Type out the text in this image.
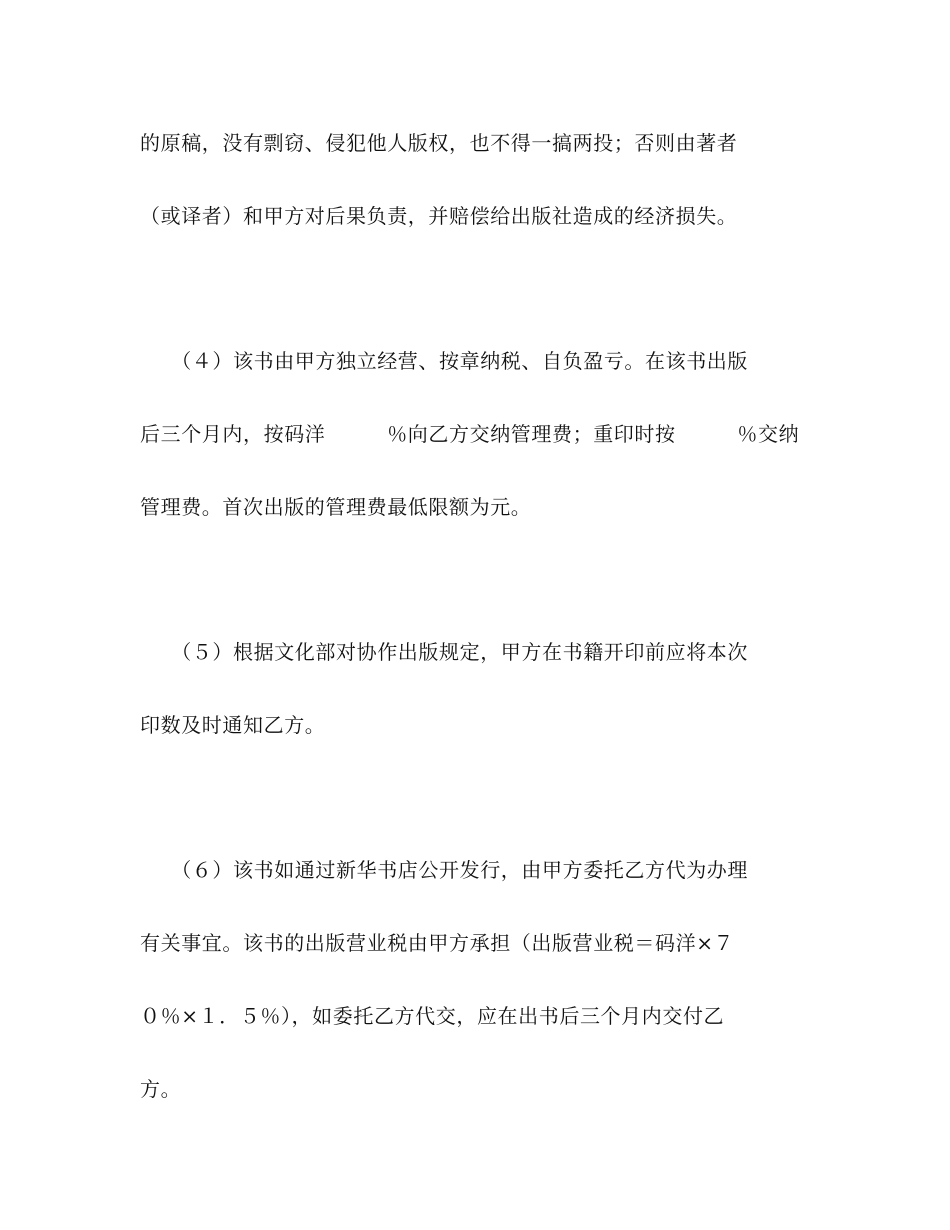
的原稿，没有剽窃、侵犯他人版权，也不得一搞两投；否则由著者
（或译者）和甲方对后果负责，并赔偿给出版社造成的经济损失。
　　（４）该书由甲方独立经营、按章纳税、自负盈亏。在该书出版
后三个月内，按码洋　　　％向乙方交纳管理费；重印时按　　　％交纳
管理费。首次出版的管理费最低限额为元。
　　（５）根据文化部对协作出版规定，甲方在书籍开印前应将本次
印数及时通知乙方。
　　（６）该书如通过新华书店公开发行，由甲方委托乙方代为办理
有关事宜。该书的出版营业税由甲方承担（出版营业税＝码洋×７
０％×１．５％），如委托乙方代交，应在出书后三个月内交付乙
方。
